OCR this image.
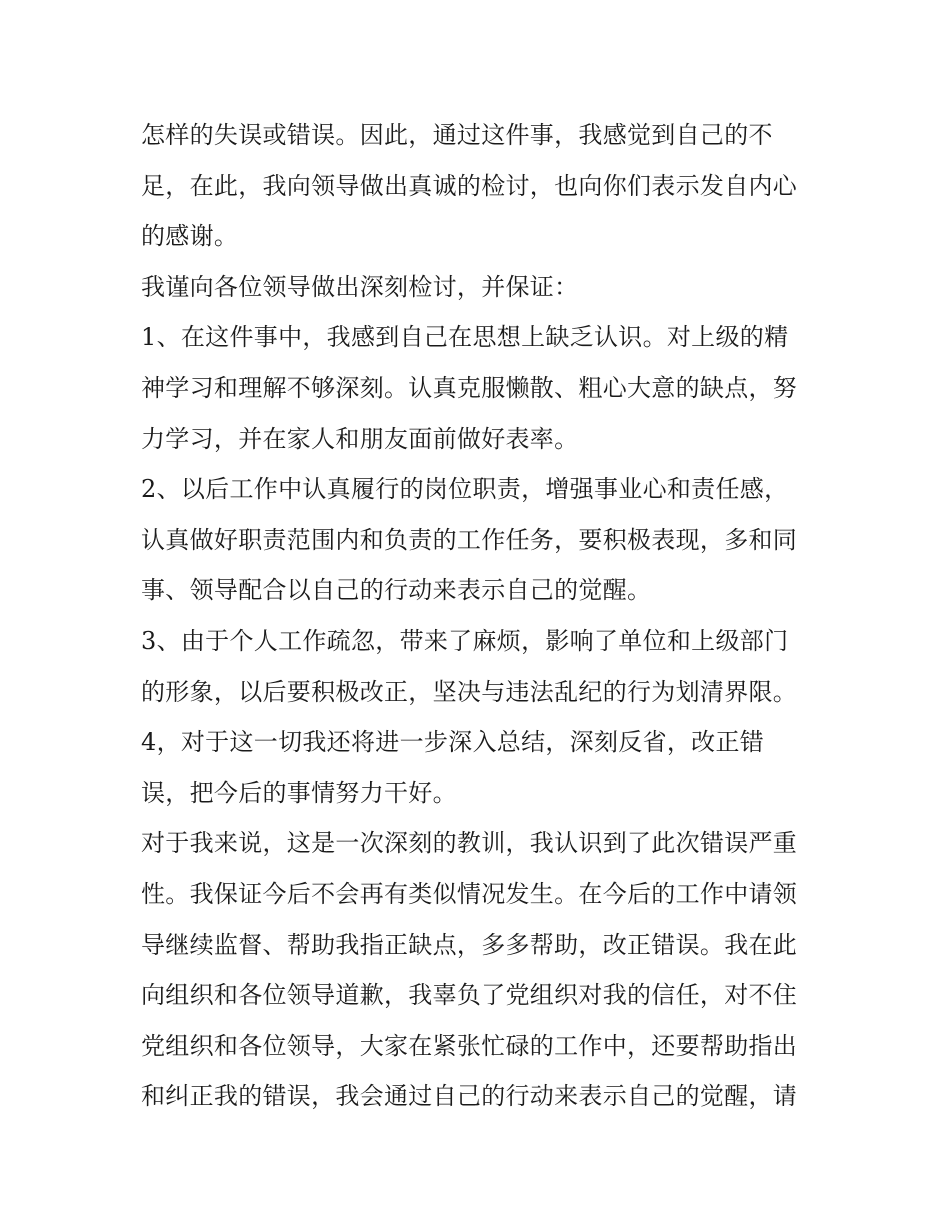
怎样的失误或错误。因此，通过这件事，我感觉到自己的不
足，在此，我向领导做出真诚的检讨，也向你们表示发自内心
的感谢。
我谨向各位领导做出深刻检讨，并保证：
1、在这件事中，我感到自己在思想上缺乏认识。对上级的精
神学习和理解不够深刻。认真克服懒散、粗心大意的缺点，努
力学习，并在家人和朋友面前做好表率。
2、以后工作中认真履行的岗位职责，增强事业心和责任感，
认真做好职责范围内和负责的工作任务，要积极表现，多和同
事、领导配合以自己的行动来表示自己的觉醒。
3、由于个人工作疏忽，带来了麻烦，影响了单位和上级部门
的形象，以后要积极改正，坚决与违法乱纪的行为划清界限。
4，对于这一切我还将进一步深入总结，深刻反省，改正错
误，把今后的事情努力干好。
对于我来说，这是一次深刻的教训，我认识到了此次错误严重
性。我保证今后不会再有类似情况发生。在今后的工作中请领
导继续监督、帮助我指正缺点，多多帮助，改正错误。我在此
向组织和各位领导道歉，我辜负了党组织对我的信任，对不住
党组织和各位领导，大家在紧张忙碌的工作中，还要帮助指出
和纠正我的错误，我会通过自己的行动来表示自己的觉醒，请
